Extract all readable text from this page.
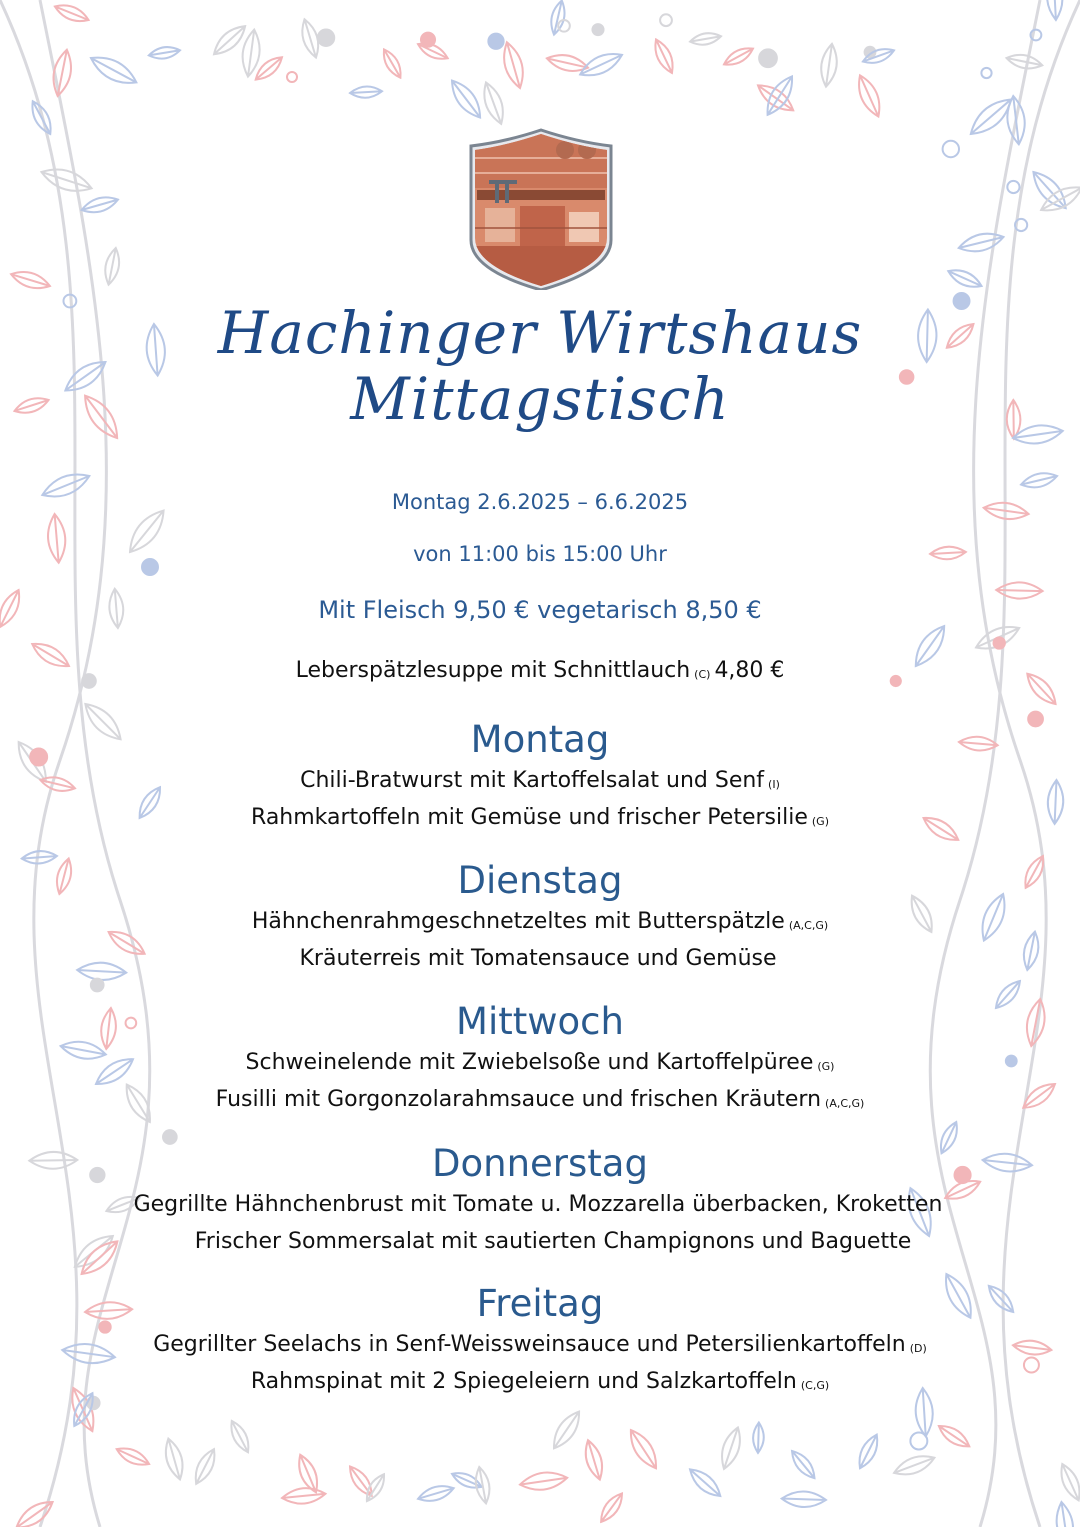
Hachinger Wirtshaus
Mittagstisch
Montag 2.6.2025 – 6.6.2025
von 11:00 bis 15:00 Uhr
Mit Fleisch 9,50 € vegetarisch 8,50 €
Leberspätzlesuppe mit Schnittlauch (C) 4,80 €
Montag
Chili-Bratwurst mit Kartoffelsalat und Senf (I)
Rahmkartoffeln mit Gemüse und frischer Petersilie (G)
Dienstag
Hähnchenrahmgeschnetzeltes mit Butterspätzle (A,C,G)
Kräuterreis mit Tomatensauce und Gemüse
Mittwoch
Schweinelende mit Zwiebelsoße und Kartoffelpüree (G)
Fusilli mit Gorgonzolarahmsauce und frischen Kräutern (A,C,G)
Donnerstag
Gegrillte Hähnchenbrust mit Tomate u. Mozzarella überbacken, Kroketten
Frischer Sommersalat mit sautierten Champignons und Baguette
Freitag
Gegrillter Seelachs in Senf-Weissweinsauce und Petersilienkartoffeln (D)
Rahmspinat mit 2 Spiegeleiern und Salzkartoffeln (C,G)
